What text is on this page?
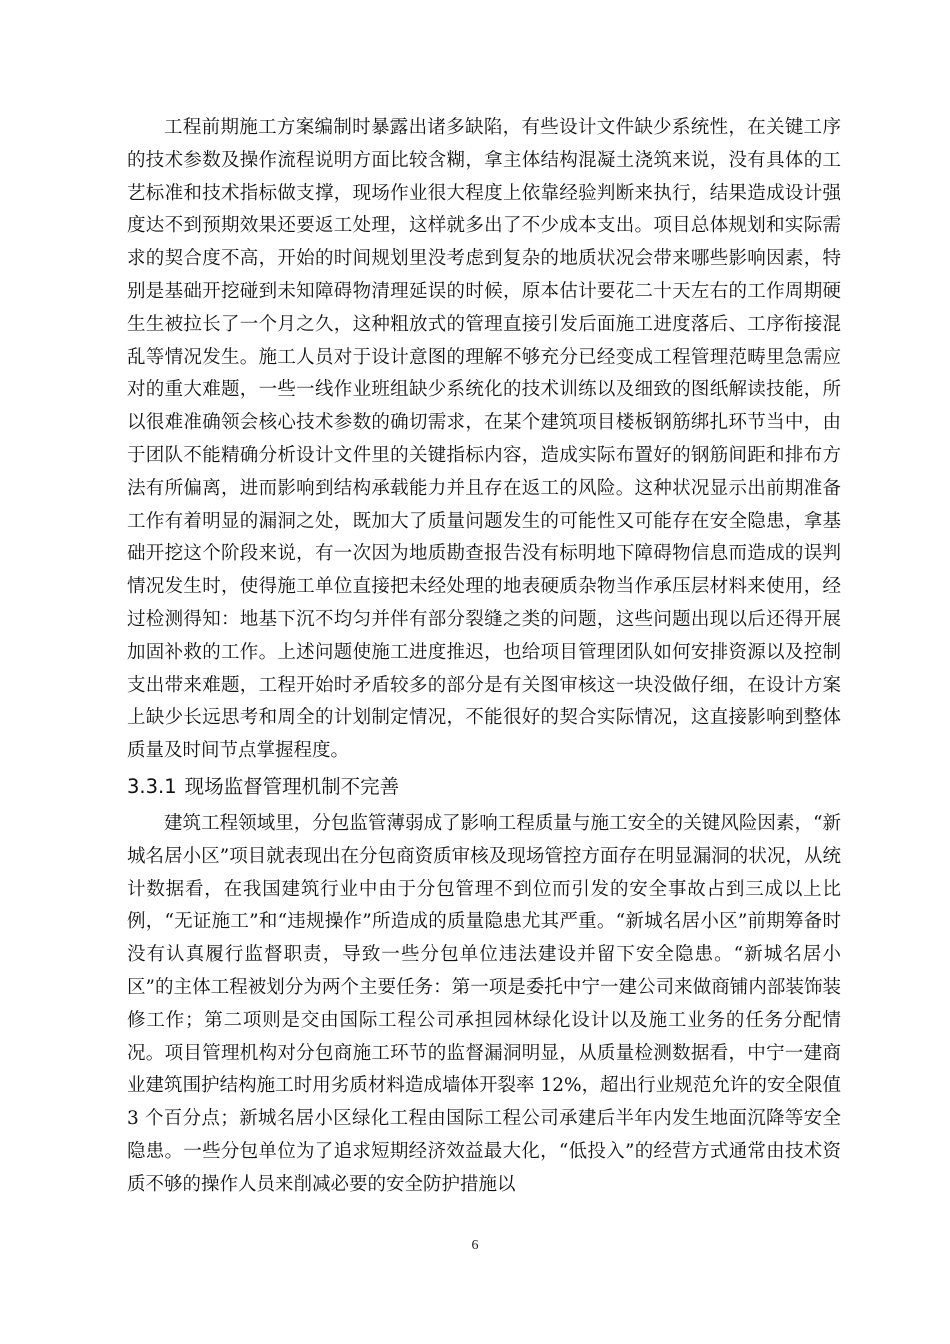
工程前期施工方案编制时暴露出诸多缺陷，有些设计文件缺少系统性，在关键工序的技术参数及操作流程说明方面比较含糊，拿主体结构混凝土浇筑来说，没有具体的工艺标准和技术指标做支撑，现场作业很大程度上依靠经验判断来执行，结果造成设计强度达不到预期效果还要返工处理，这样就多出了不少成本支出。项目总体规划和实际需求的契合度不高，开始的时间规划里没考虑到复杂的地质状况会带来哪些影响因素，特别是基础开挖碰到未知障碍物清理延误的时候，原本估计要花二十天左右的工作周期硬生生被拉长了一个月之久，这种粗放式的管理直接引发后面施工进度落后、工序衔接混乱等情况发生。施工人员对于设计意图的理解不够充分已经变成工程管理范畴里急需应对的重大难题，一些一线作业班组缺少系统化的技术训练以及细致的图纸解读技能，所以很难准确领会核心技术参数的确切需求，在某个建筑项目楼板钢筋绑扎环节当中，由于团队不能精确分析设计文件里的关键指标内容，造成实际布置好的钢筋间距和排布方法有所偏离，进而影响到结构承载能力并且存在返工的风险。这种状况显示出前期准备工作有着明显的漏洞之处，既加大了质量问题发生的可能性又可能存在安全隐患，拿基础开挖这个阶段来说，有一次因为地质勘查报告没有标明地下障碍物信息而造成的误判情况发生时，使得施工单位直接把未经处理的地表硬质杂物当作承压层材料来使用，经过检测得知：地基下沉不均匀并伴有部分裂缝之类的问题，这些问题出现以后还得开展加固补救的工作。上述问题使施工进度推迟，也给项目管理团队如何安排资源以及控制支出带来难题，工程开始时矛盾较多的部分是有关图审核这一块没做仔细，在设计方案上缺少长远思考和周全的计划制定情况，不能很好的契合实际情况，这直接影响到整体质量及时间节点掌握程度。

3.3.1 现场监督管理机制不完善

建筑工程领域里，分包监管薄弱成了影响工程质量与施工安全的关键风险因素，“新城名居小区”项目就表现出在分包商资质审核及现场管控方面存在明显漏洞的状况，从统计数据看，在我国建筑行业中由于分包管理不到位而引发的安全事故占到三成以上比例，“无证施工”和“违规操作”所造成的质量隐患尤其严重。“新城名居小区”前期筹备时没有认真履行监督职责，导致一些分包单位违法建设并留下安全隐患。“新城名居小区”的主体工程被划分为两个主要任务：第一项是委托中宁一建公司来做商铺内部装饰装修工作；第二项则是交由国际工程公司承担园林绿化设计以及施工业务的任务分配情况。项目管理机构对分包商施工环节的监督漏洞明显，从质量检测数据看，中宁一建商业建筑围护结构施工时用劣质材料造成墙体开裂率 12%，超出行业规范允许的安全限值 3 个百分点；新城名居小区绿化工程由国际工程公司承建后半年内发生地面沉降等安全隐患。一些分包单位为了追求短期经济效益最大化，“低投入”的经营方式通常由技术资质不够的操作人员来削减必要的安全防护措施以

6
